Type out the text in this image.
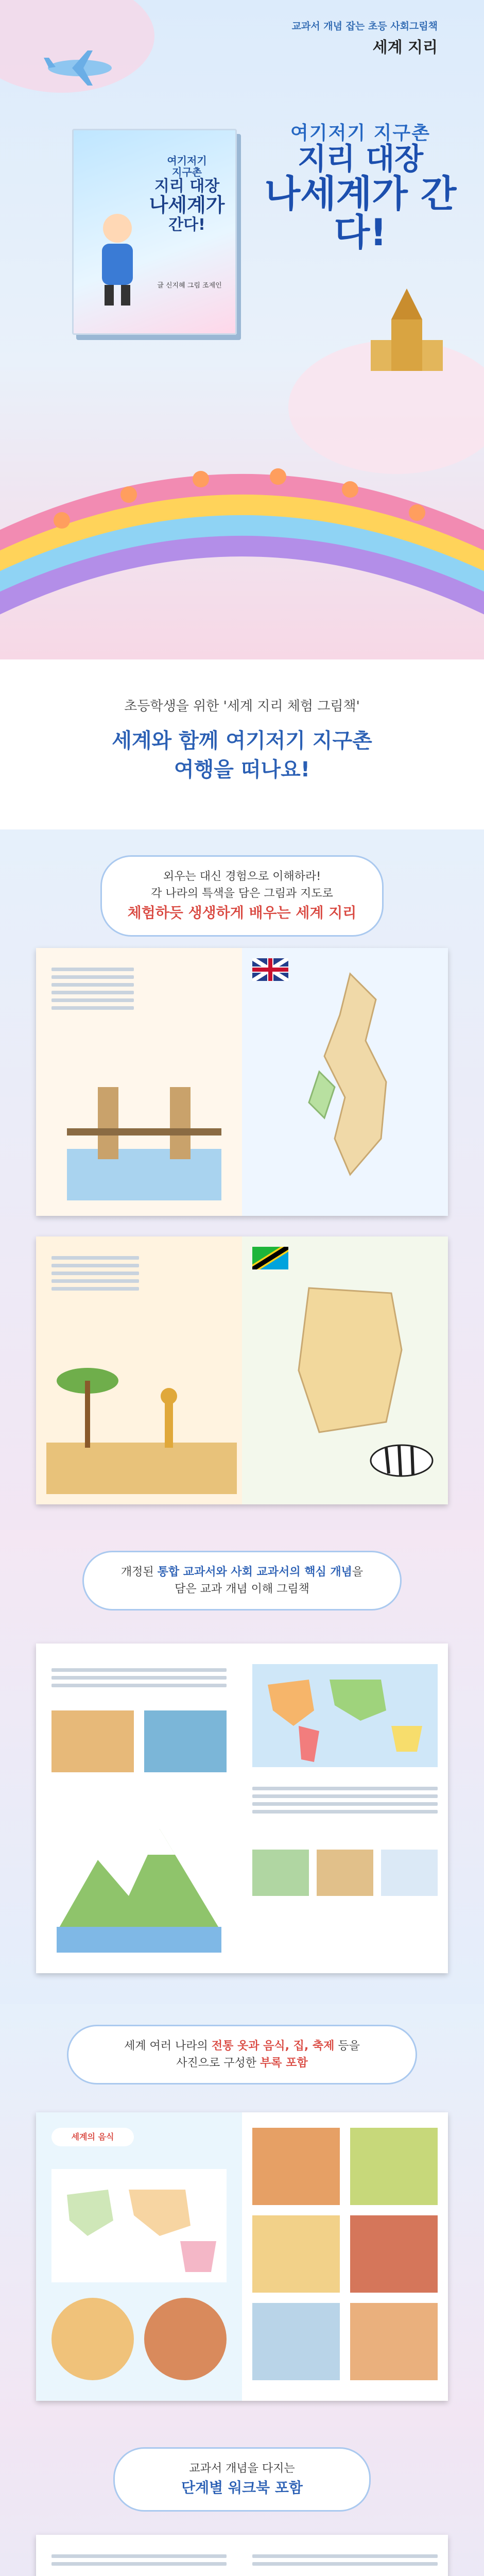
교과서 개념 잡는 초등 사회그림책
세계 지리
여기저기
지구촌
지리 대장
나세계가
간다!
글 신지혜 그림 조제인
여기저기 지구촌
지리 대장
나세계가 간다!
초등학생을 위한 '세계 지리 체험 그림책'
세계와 함께 여기저기 지구촌
여행을 떠나요!
외우는 대신 경험으로 이해하라!
각 나라의 특색을 담은 그림과 지도로
체험하듯 생생하게 배우는 세계 지리
개정된 통합 교과서와 사회 교과서의 핵심 개념을
담은 교과 개념 이해 그림책
세계 여러 나라의 전통 옷과 음식, 집, 축제 등을
사진으로 구성한 부록 포함
세계의 음식
교과서 개념을 다지는
단계별 워크북 포함
